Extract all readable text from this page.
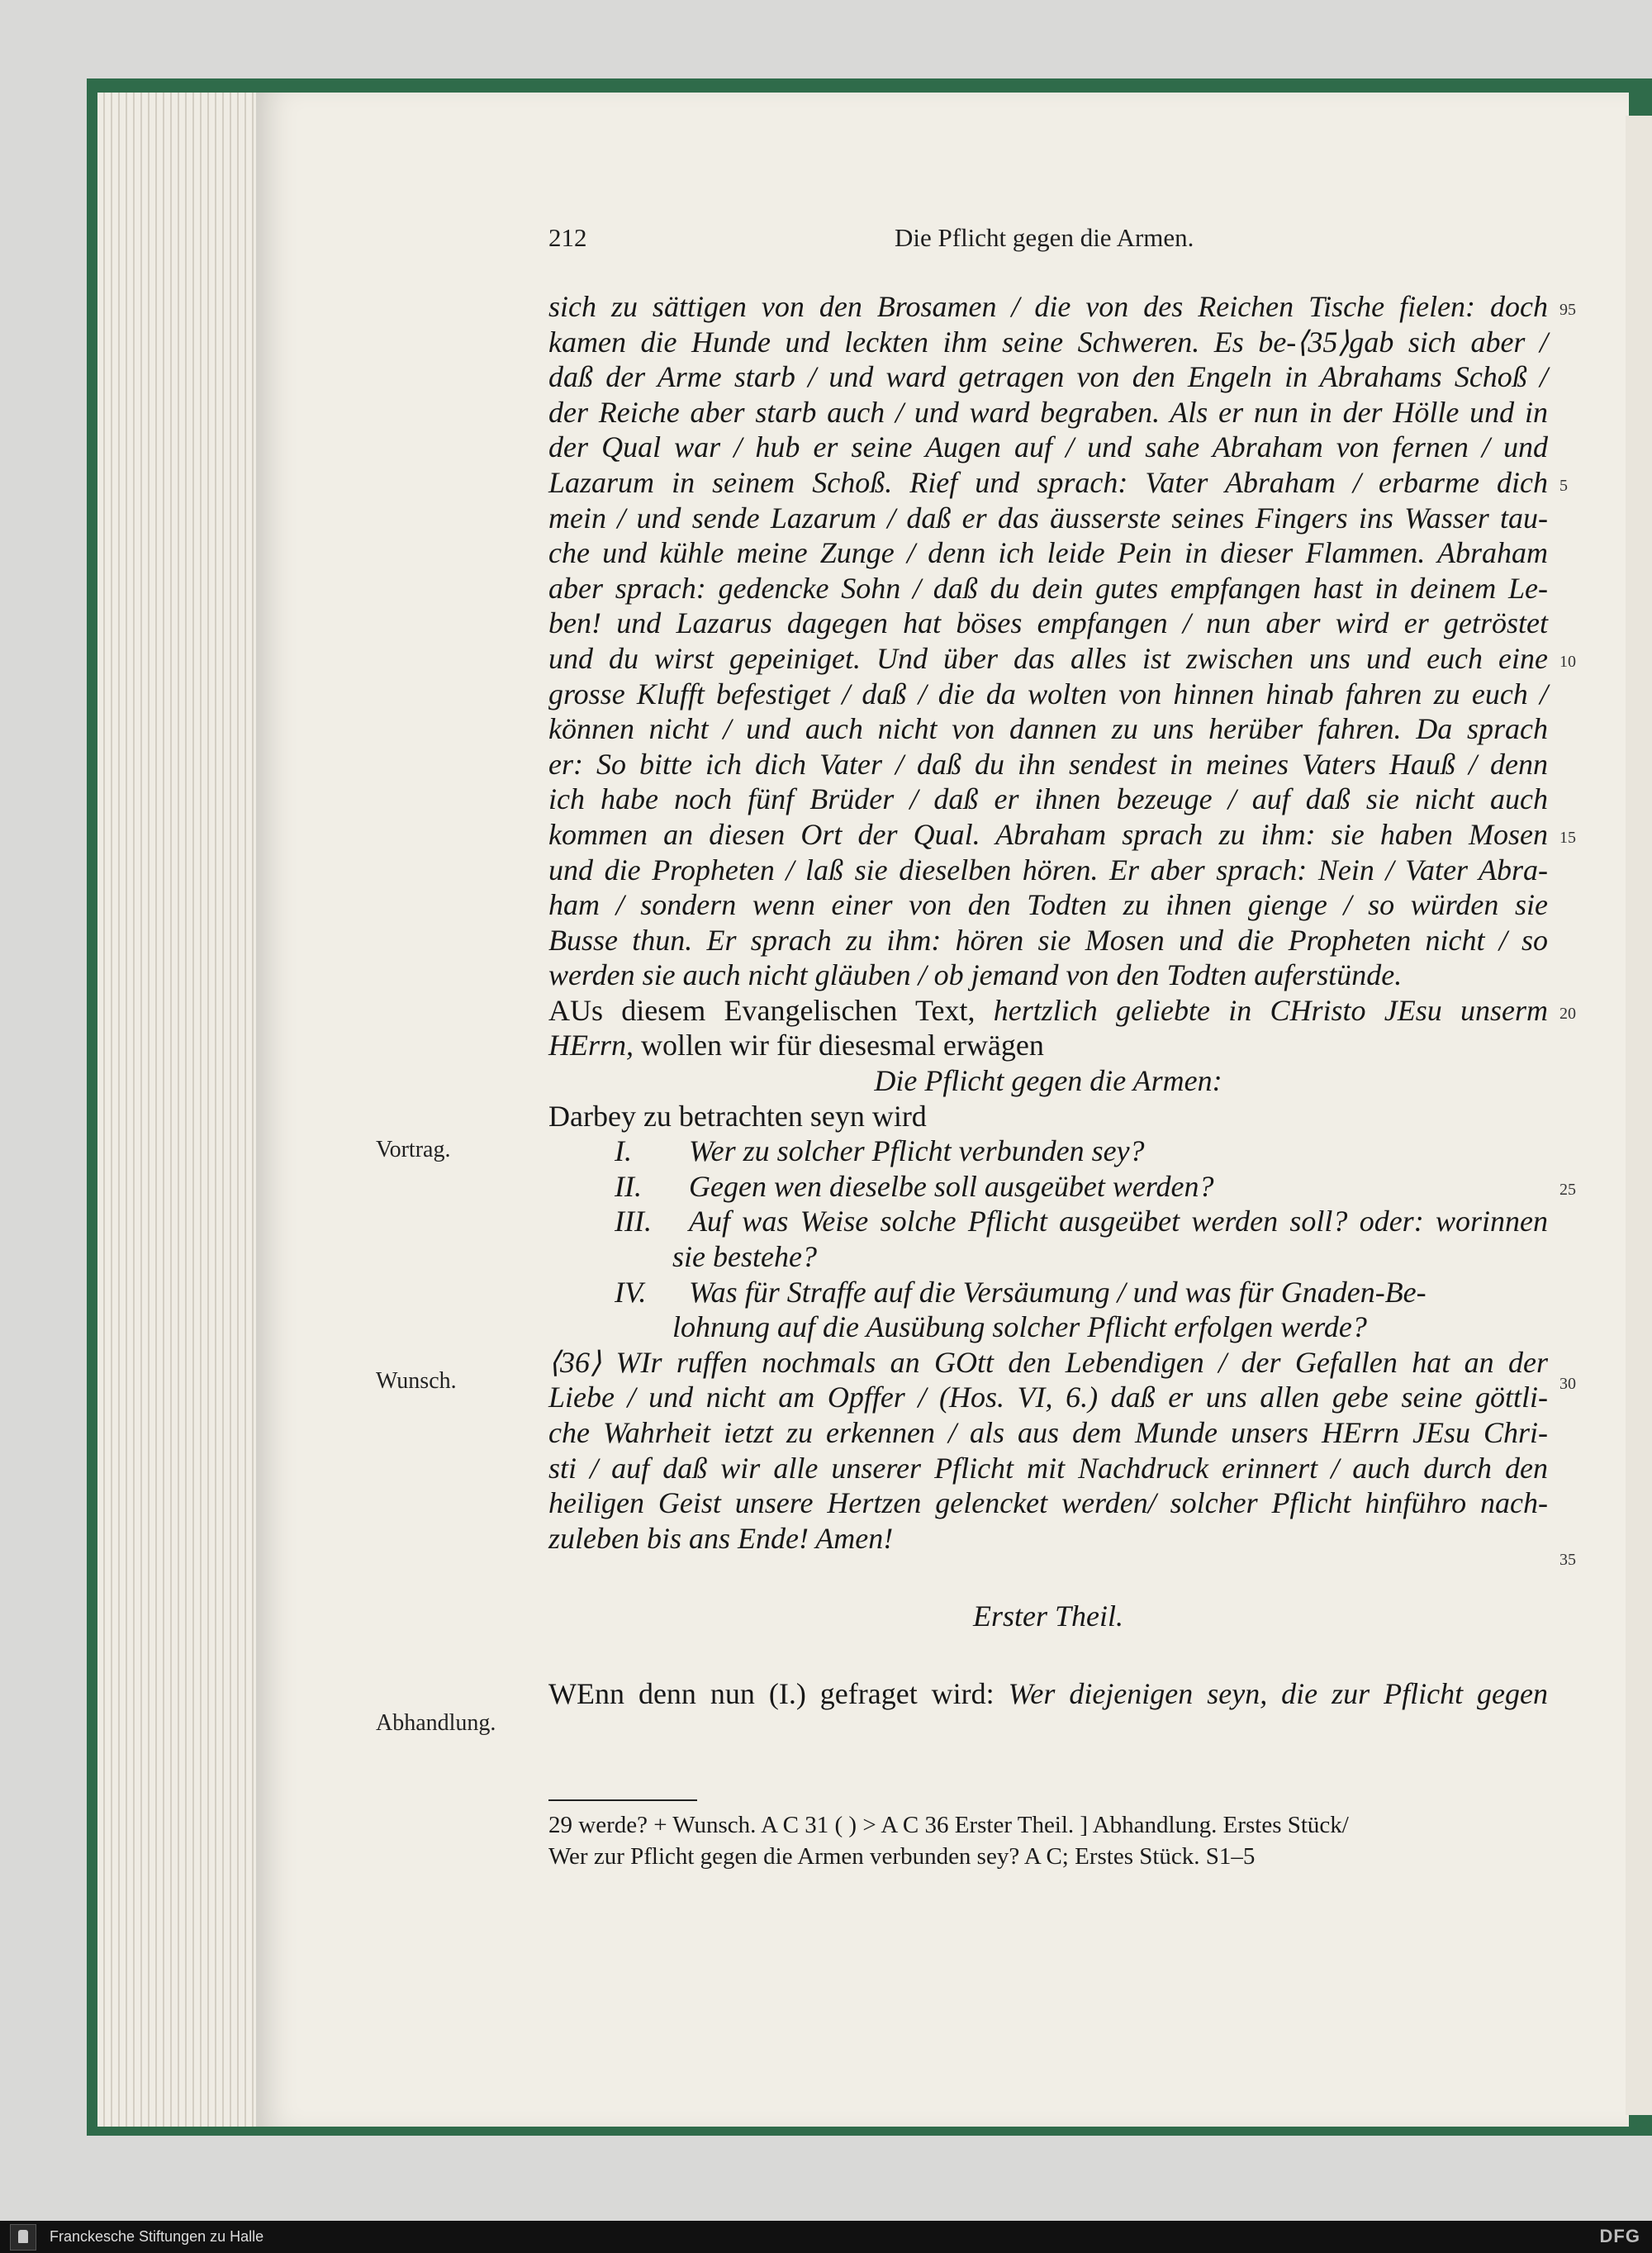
212	Die Pflicht gegen die Armen.
sich zu sättigen von den Brosamen / die von des Reichen Tische fielen: doch
kamen die Hunde und leckten ihm seine Schweren. Es be-⟨35⟩gab sich aber /
daß der Arme starb / und ward getragen von den Engeln in Abrahams Schoß /
der Reiche aber starb auch / und ward begraben. Als er nun in der Hölle und in
der Qual war / hub er seine Augen auf / und sahe Abraham von fernen / und
Lazarum in seinem Schoß. Rief und sprach: Vater Abraham / erbarme dich
mein / und sende Lazarum / daß er das äusserste seines Fingers ins Wasser tau-
che und kühle meine Zunge / denn ich leide Pein in dieser Flammen. Abraham
aber sprach: gedencke Sohn / daß du dein gutes empfangen hast in deinem Le-
ben! und Lazarus dagegen hat böses empfangen / nun aber wird er getröstet
und du wirst gepeiniget. Und über das alles ist zwischen uns und euch eine
grosse Klufft befestiget / daß / die da wolten von hinnen hinab fahren zu euch /
können nicht / und auch nicht von dannen zu uns herüber fahren. Da sprach
er: So bitte ich dich Vater / daß du ihn sendest in meines Vaters Hauß / denn
ich habe noch fünf Brüder / daß er ihnen bezeuge / auf daß sie nicht auch
kommen an diesen Ort der Qual. Abraham sprach zu ihm: sie haben Mosen
und die Propheten / laß sie dieselben hören. Er aber sprach: Nein / Vater Abra-
ham / sondern wenn einer von den Todten zu ihnen gienge / so würden sie
Busse thun. Er sprach zu ihm: hören sie Mosen und die Propheten nicht / so
werden sie auch nicht gläuben / ob jemand von den Todten auferstünde.
AUs diesem Evangelischen Text, hertzlich geliebte in CHristo JEsu unserm
HErrn, wollen wir für diesesmal erwägen
Die Pflicht gegen die Armen:
Darbey zu betrachten seyn wird
I. Wer zu solcher Pflicht verbunden sey?
II. Gegen wen dieselbe soll ausgeübet werden?
III. Auf was Weise solche Pflicht ausgeübet werden soll? oder: worinnen
sie bestehe?
IV. Was für Straffe auf die Versäumung / und was für Gnaden-Be-
lohnung auf die Ausübung solcher Pflicht erfolgen werde?
⟨36⟩ WIr ruffen nochmals an GOtt den Lebendigen / der Gefallen hat an der
Liebe / und nicht am Opffer / (Hos. VI, 6.) daß er uns allen gebe seine göttli-
che Wahrheit ietzt zu erkennen / als aus dem Munde unsers HErrn JEsu Chri-
sti / auf daß wir alle unserer Pflicht mit Nachdruck erinnert / auch durch den
heiligen Geist unsere Hertzen gelencket werden/ solcher Pflicht hinführo nach-
zuleben bis ans Ende! Amen!
Erster Theil.
WEnn denn nun (I.) gefraget wird: Wer diejenigen seyn, die zur Pflicht gegen
95
5
10
15
20
25
30
35
Vortrag.
Wunsch.
Abhandlung.
29 werde? + Wunsch. A C 31 ( ) > A C 36 Erster Theil. ] Abhandlung. Erstes Stück/
Wer zur Pflicht gegen die Armen verbunden sey? A C; Erstes Stück. S1–5
Franckesche Stiftungen zu Halle	DFG
